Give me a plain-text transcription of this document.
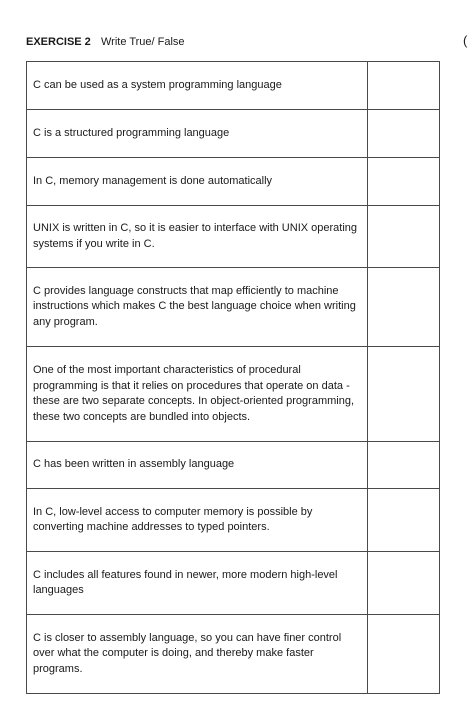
EXERCISE 2 Write True/ False	(
C can be used as a system programming language	
C is a structured programming language	
In C, memory management is done automatically	
UNIX is written in C, so it is easier to interface with UNIX operating systems if you write in C.	
C provides language constructs that map efficiently to machine instructions which makes C the best language choice when writing any program.	
One of the most important characteristics of procedural programming is that it relies on procedures that operate on data - these are two separate concepts. In object-oriented programming, these two concepts are bundled into objects.	
C has been written in assembly language	
In C, low-level access to computer memory is possible by converting machine addresses to typed pointers.	
C includes all features found in newer, more modern high-level languages	
C is closer to assembly language, so you can have finer control over what the computer is doing, and thereby make faster programs.	
